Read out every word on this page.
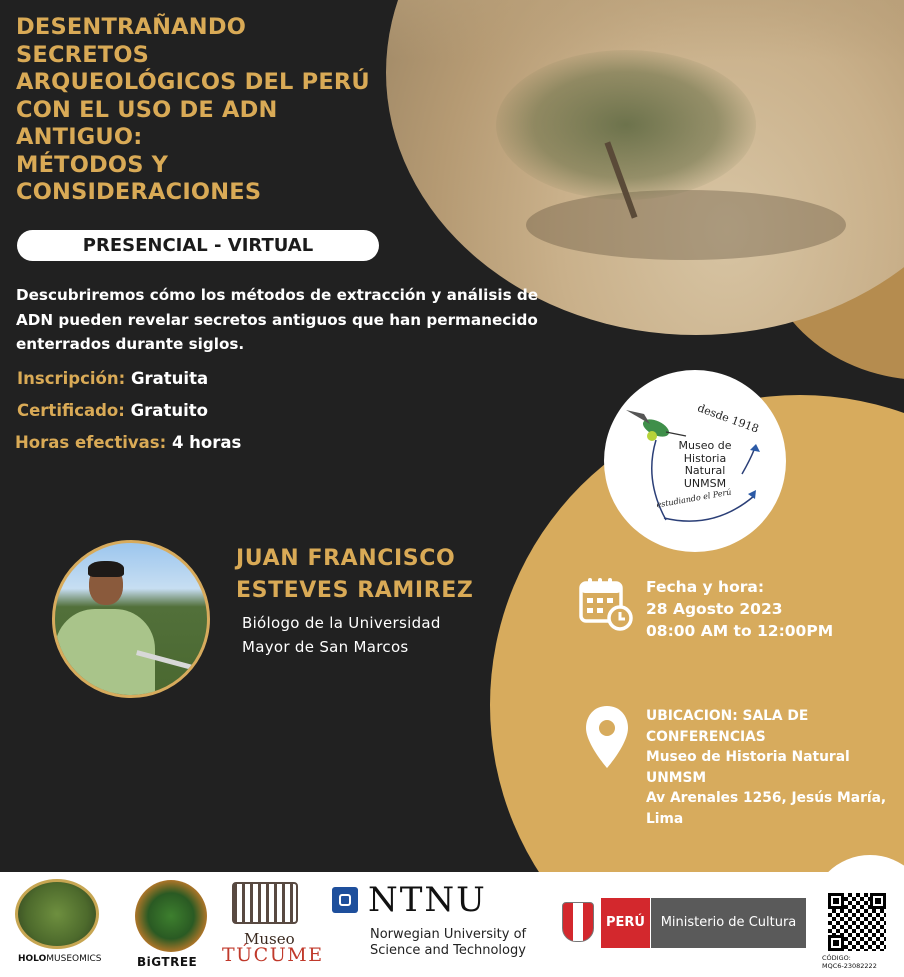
DESENTRAÑANDO
SECRETOS
ARQUEOLÓGICOS DEL PERÚ
CON EL USO DE ADN
ANTIGUO:
MÉTODOS Y
CONSIDERACIONES
PRESENCIAL - VIRTUAL
Descubriremos cómo los métodos de extracción y análisis de
ADN pueden revelar secretos antiguos que han permanecido
enterrados durante siglos.
Inscripción: Gratuita
Certificado: Gratuito
Horas efectivas: 4 horas
JUAN FRANCISCO
ESTEVES RAMIREZ
Biólogo de la Universidad
Mayor de San Marcos
desde 1918
Museo de
Historia
Natural
UNMSM
estudiando el Perú
Fecha y hora:
28 Agosto 2023
08:00 AM to 12:00PM
UBICACION: SALA DE
CONFERENCIAS
Museo de Historia Natural
UNMSM
Av Arenales 1256, Jesús María,
Lima
HOLOMUSEOMICS	BiGTREE
Museo
TÚCUME
NTNU
Norwegian University of
Science and Technology
PERÚ	Ministerio de Cultura
CÓDIGO:
MQC6-23082222
